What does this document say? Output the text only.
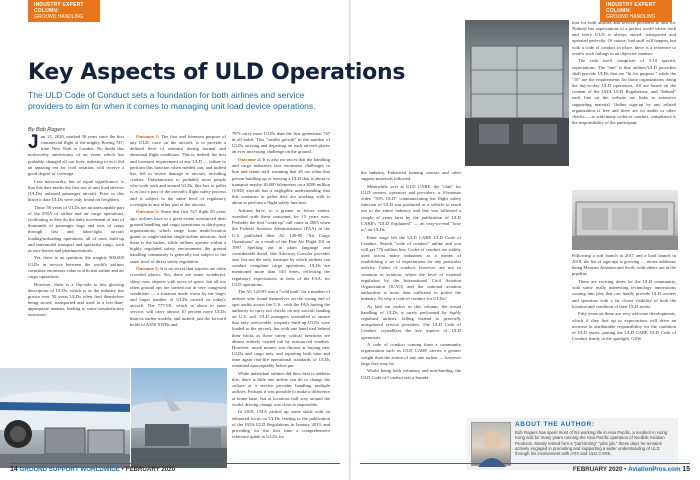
INDUSTRY EXPERT
COLUMN:
GROUND HANDLING
INDUSTRY EXPERT
COLUMN:
GROUND HANDLING
Key Aspects of ULD Operations
The ULD Code of Conduct sets a foundation for both airlines and service providers to aim for when it comes to managing unit load device operations.
By Bob Rogers

Jan. 21, 2020, marked 50 years since the first commercial flight of the mighty Boeing 747, from New York to London. No doubt this noteworthy anniversary of an event which has probably changed all our lives, ushering in as it did an amazing era for civil aviation, will receive a good degree of coverage.

Less noteworthy, but of equal significance, is that this date marks the first use of unit load devices (ULDs) onboard passenger aircraft. Prior to this historic date ULDs were only found on freighters.

Those 50 years of ULDs are an unescapable part of the DNA of airline and air cargo operations, facilitating as they do the daily movement of tens of thousands of passenger bags and tons of cargo through fast and labor-light aircraft loading/unloading operations, all of most built-up and intermodal transport and specialist cargo, such as race horses and pharmaceuticals.

Yet, there is no question, the roughly 900,000 ULDs in service between the world's airlines constitute enormous value to efficient airline and air cargo operations.

However, there is a flip-side to this glowing description of ULDs, which is as the industry has grown over 50 years ULDs often find themselves being stored, transported and used in a less-than-appropriate manner, leading to some unsatisfactory outcomes.

Outcome 1: The first and foremost purpose of any ULD, once on the aircraft, is to provide a defined level of restraint during normal and abnormal flight conditions. This is, indeed, the first and foremost requirement of any ULD — failure to perform this function when needed can, and indeed has, led to severe damage to aircraft, including crashes. Unbeknownst to probably most people who work with and around ULDs, this box or pallet is in fact a part of the aircraft's flight safety process and is subject to the same level of regulatory oversight as any other part of the aircraft.

Outcome 2: Since that first 747 flight 50 years ago, airlines have to a great extent outsourced their ground handling and cargo operations to third-party organizations, which range from multi-location giants to single-station single-airline missions. And there is the kicker, while airlines operate within a highly regulated safety environment, the ground handling community is generally not subject to the same level of direct safety regulation.

Outcome 3: It is no secret that airports are often crowded places. Yes, there are some wonderful, shiny, new airports with acres of space, but all too often ground ops are carried out in very congested conditions — a situation made worse by the larger and larger number of ULDs carried on today's aircraft. The 777-9X, which is about to enter service, will carry almost 10 percent more ULDs than its earlier models, and indeed, just the forward holds of A350 XWBs and

787s carry more ULDs than the first generation 747 in all holds. This "stealth growth" in the number of ULDs arriving and departing on each aircraft places an ever increasing challenge on the ground.

Outcome 4: It is also no secret that the handling and cargo industries face enormous challenges to hire and retain staff, meaning that all too often that person building up or moving a ULD that is about to transport maybe 10,000 kilometers on a $200 million (USD) aircraft has a negligible understanding that this container or pallet they are working with is about to perform a flight safety function.

Airlines have, to a greater or lesser extent, wrestled with these outcomes for 15 years now. Probably the first "wake up" call came in 2005 when the Federal Aviation Administration (FAA) in the U.S. published their AC 120-85 "Air Cargo Operations" as a result of the Fine Air Flight 101 in 1997. Spelling out in plain language and considerable detail, this Advisory Circular provides one, but not the only, measure by which airlines can conduct compliant cargo operations. ULDs are mentioned more than 150 times, reflecting the regulatory expectations, at least of the FAA, for ULD operations.

The AC 120-85 was a "cold bath" for a number of airlines who found themselves on the wrong end of spot audits across the U.S., with the FAA having the authority to carry out checks on any aircraft landing on U.S. soil. ULD managers scrambled to ensure that only serviceable, properly built-up ULDs were loaded to the aircraft, but with one hand tied behind their backs as these safety critical functions are almost entirely carried out by outsourced vendors. However, much money was thrown at buying new ULDs and cargo nets, and repairing both time and time again real-life operational standards of ULDs remained unacceptably below par.

While individual airlines did their best to address this, there is little one airline can do to change the culture at a service provider handling multiple airlines. Perhaps it was possible to make a difference at home base, but at locations half way around the world, driving change was close to impossible.

In 2018, IATA picked up some slack with an enhanced focus on ULDs, leading to the publication of the IATA ULD Regulations in January 2019, and providing for the first time a comprehensive reference guide to ULDs for

the industry. Enhanced training courses and other support materials followed.

Meanwhile over at ULD CARE, the "club" for ULD owners, operators and providers, a 10-minute video "50% ULD" communicating the flight safety function of ULD was produced as a vehicle to reach out to the entire industry, and this was followed a couple of years later by the publication of ULD CARE's "ULD Explained" — an easy-to-read "how to" on ULDs.

Enter stage left the ULD CARE ULD Code of Conduct. Search "code of conduct" online and you will get 776 million hits. Codes of conduct are widely used across many industries as a means of establishing a set of expectations for any particular activity. Codes of conduct, however, are not so common in aviation, where the level of external regulation by the International Civil Aviation Organization (ICAO) and the national aviation authorities is more than sufficient to police the industry. So why a code of conduct for ULDs?

As laid out earlier in this column, the actual handling of ULDs is rarely performed by highly regulated airlines, falling instead to generally unregulated service providers. The ULD Code of Conduct crystallizes the key aspects of ULD operations.

A code of conduct coming from a community organization such as ULD CARE carries a greater weight than the action of any one airline — however large they may be.

Whilst being both voluntary and non-binding, the ULD Code of Conduct sets a founda-

tion for both airlines and service providers to aim for. Nobody has expectations of a perfect world where each and every ULD is always stored, transported and operated perfectly. Of course, bad stuff will happen, but with a code of conduct in place, there is a reference to review such failings in an objective manner.

The code itself comprises of 3-10 specific expectations. The "one" is that airlines/ULD providers shall provide ULDs that are "fit for purpose," while the "10" are the requirements for those organizations doing the day-to-day ULD operations. All are based on the content of the IATA ULD Regulations, and "behind" each line on the website are links to extensive supporting material. Online sign-up by any related organization is free and there are no audits or other checks — as with many codes of conduct, compliance is the responsibility of the participant.

Following a soft launch in 2017 and a hard launch in 2018, the list of sign-ups is growing — recent additions being Menzies Aviation and Swift, with others are in the pipeline.

These are exciting times for the ULD community, with some really interesting technology innovations coming into play that can finally provide ULD owners and operators with a far closer visibility of both the location and condition of their ULD assets.

Fifty years on these are very welcome developments, which if they line up to expectations will drive an increase in attributable responsibility for the condition of ULD assets, putting the ULD CARE ULD Code of Conduct firmly in the spotlight. GSW

ABOUT THE AUTHOR:
Bob Rogers has spent most of his working life in Asia Pacific, a resident in Hong Kong and for many years running the Asia Pacific operation of Nordisk Aviation Products. Mostly retired he's a "part-timing" "jobs job," these days he remains actively engaged in promoting and supporting a wider understanding of ULD through his involvement with IATA and ULD CARE.
14 GROUND SUPPORT WORLDWIDE • FEBRUARY 2020	FEBRUARY 2020 • AviationPros.com 15
